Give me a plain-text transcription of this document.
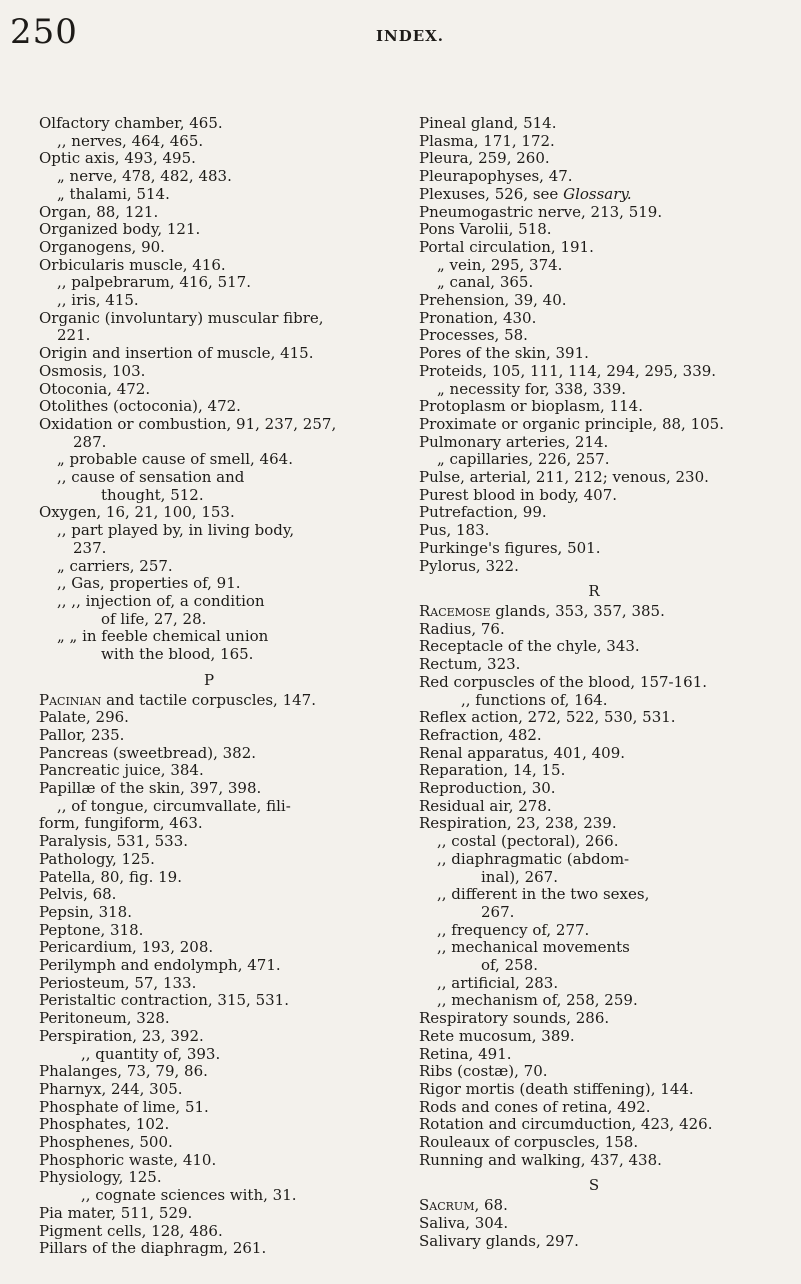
250	INDEX.
Olfactory chamber, 465.
,, nerves, 464, 465.
Optic axis, 493, 495.
„ nerve, 478, 482, 483.
„ thalami, 514.
Organ, 88, 121.
Organized body, 121.
Organogens, 90.
Orbicularis muscle, 416.
,, palpebrarum, 416, 517.
,, iris, 415.
Organic (involuntary) muscular fibre,
221.
Origin and insertion of muscle, 415.
Osmosis, 103.
Otoconia, 472.
Otolithes (octoconia), 472.
Oxidation or combustion, 91, 237, 257,
287.
„ probable cause of smell, 464.
,, cause of sensation and
thought, 512.
Oxygen, 16, 21, 100, 153.
,, part played by, in living body,
237.
„ carriers, 257.
,, Gas, properties of, 91.
,, ,, injection of, a condition
of life, 27, 28.
„ „ in feeble chemical union
with the blood, 165.
P
Pacinian and tactile corpuscles, 147.
Palate, 296.
Pallor, 235.
Pancreas (sweetbread), 382.
Pancreatic juice, 384.
Papillæ of the skin, 397, 398.
,, of tongue, circumvallate, fili-
form, fungiform, 463.
Paralysis, 531, 533.
Pathology, 125.
Patella, 80, fig. 19.
Pelvis, 68.
Pepsin, 318.
Peptone, 318.
Pericardium, 193, 208.
Perilymph and endolymph, 471.
Periosteum, 57, 133.
Peristaltic contraction, 315, 531.
Peritoneum, 328.
Perspiration, 23, 392.
,, quantity of, 393.
Phalanges, 73, 79, 86.
Pharnyx, 244, 305.
Phosphate of lime, 51.
Phosphates, 102.
Phosphenes, 500.
Phosphoric waste, 410.
Physiology, 125.
,, cognate sciences with, 31.
Pia mater, 511, 529.
Pigment cells, 128, 486.
Pillars of the diaphragm, 261.
Pineal gland, 514.
Plasma, 171, 172.
Pleura, 259, 260.
Pleurapophyses, 47.
Plexuses, 526, see Glossary.
Pneumogastric nerve, 213, 519.
Pons Varolii, 518.
Portal circulation, 191.
„ vein, 295, 374.
„ canal, 365.
Prehension, 39, 40.
Pronation, 430.
Processes, 58.
Pores of the skin, 391.
Proteids, 105, 111, 114, 294, 295, 339.
„ necessity for, 338, 339.
Protoplasm or bioplasm, 114.
Proximate or organic principle, 88, 105.
Pulmonary arteries, 214.
„ capillaries, 226, 257.
Pulse, arterial, 211, 212; venous, 230.
Purest blood in body, 407.
Putrefaction, 99.
Pus, 183.
Purkinge's figures, 501.
Pylorus, 322.
R
Racemose glands, 353, 357, 385.
Radius, 76.
Receptacle of the chyle, 343.
Rectum, 323.
Red corpuscles of the blood, 157-161.
,, functions of, 164.
Reflex action, 272, 522, 530, 531.
Refraction, 482.
Renal apparatus, 401, 409.
Reparation, 14, 15.
Reproduction, 30.
Residual air, 278.
Respiration, 23, 238, 239.
,, costal (pectoral), 266.
,, diaphragmatic (abdom-
inal), 267.
,, different in the two sexes,
267.
,, frequency of, 277.
,, mechanical movements
of, 258.
,, artificial, 283.
,, mechanism of, 258, 259.
Respiratory sounds, 286.
Rete mucosum, 389.
Retina, 491.
Ribs (costæ), 70.
Rigor mortis (death stiffening), 144.
Rods and cones of retina, 492.
Rotation and circumduction, 423, 426.
Rouleaux of corpuscles, 158.
Running and walking, 437, 438.
S
Sacrum, 68.
Saliva, 304.
Salivary glands, 297.
